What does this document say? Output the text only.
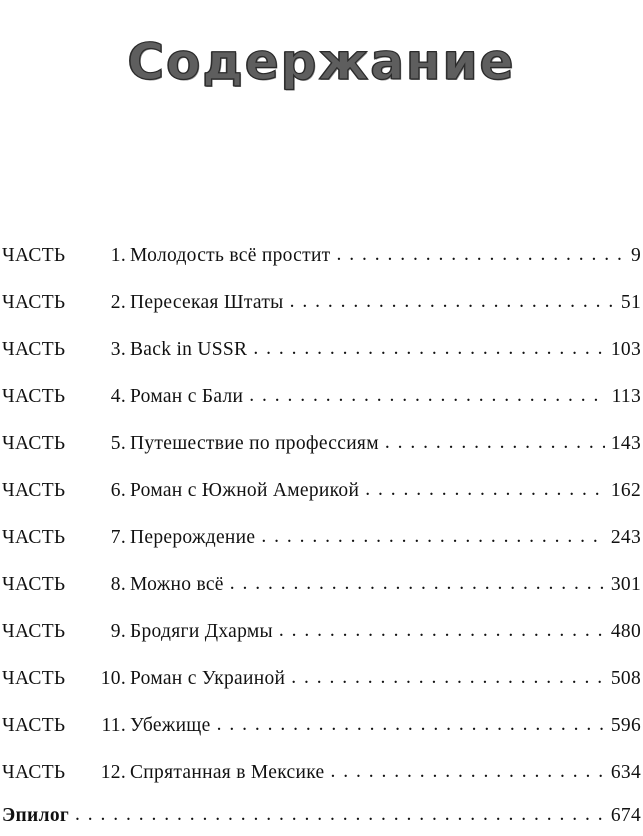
Содержание
ЧАСТЬ	1. Молодость всё простит . . .	9
ЧАСТЬ	2. Пересекая Штаты . . .	51
ЧАСТЬ	3. Back in USSR . . .	103
ЧАСТЬ	4. Роман с Бали . . .	113
ЧАСТЬ	5. Путешествие по профессиям . . .	143
ЧАСТЬ	6. Роман с Южной Америкой . . .	162
ЧАСТЬ	7. Перерождение . . .	243
ЧАСТЬ	8. Можно всё . . .	301
ЧАСТЬ	9. Бродяги Дхармы . . .	480
ЧАСТЬ	10. Роман с Украиной . . .	508
ЧАСТЬ	11. Убежище . . .	596
ЧАСТЬ	12. Спрятанная в Мексике . . .	634
Эпилог . . .	674
